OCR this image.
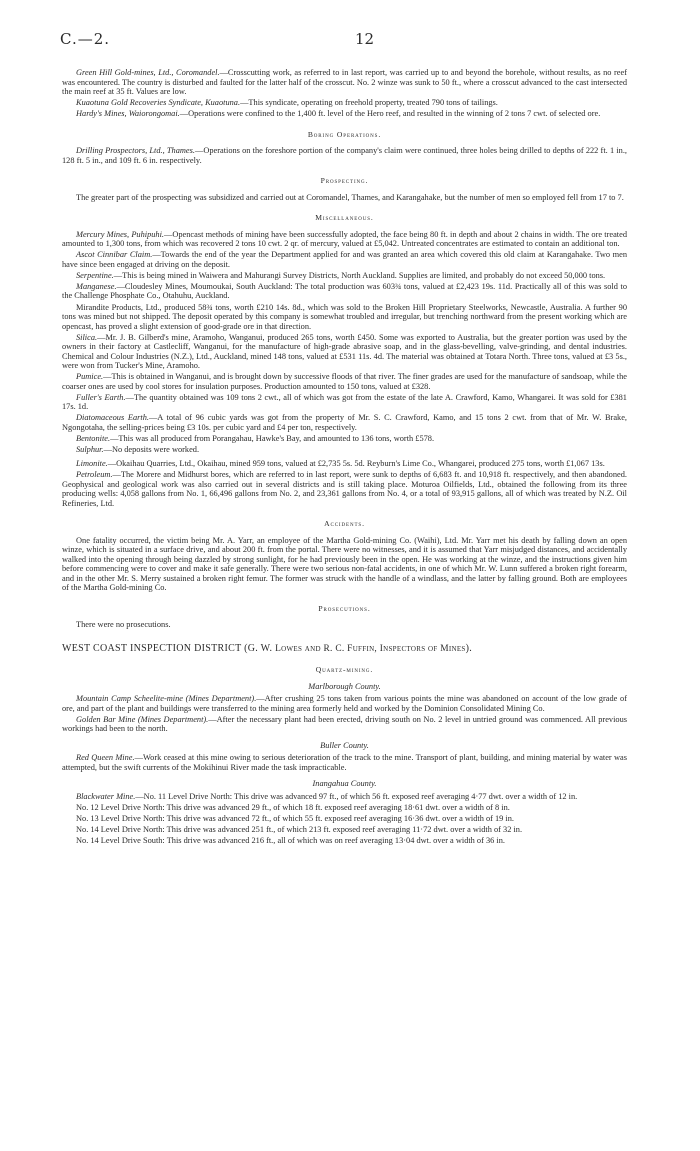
C.—2.	12

Green Hill Gold-mines, Ltd., Coromandel.—Crosscutting work, as referred to in last report, was carried up to and beyond the borehole, without results, as no reef was encountered. The country is disturbed and faulted for the latter half of the crosscut. No. 2 winze was sunk to 50 ft., where a crosscut advanced to the cast intersected the main reef at 35 ft. Values are low.

Kuaotuna Gold Recoveries Syndicate, Kuaotuna.—This syndicate, operating on freehold property, treated 790 tons of tailings.

Hardy's Mines, Waiorongomai.—Operations were confined to the 1,400 ft. level of the Hero reef, and resulted in the winning of 2 tons 7 cwt. of selected ore.

Boring Operations.

Drilling Prospectors, Ltd., Thames.—Operations on the foreshore portion of the company's claim were continued, three holes being drilled to depths of 222 ft. 1 in., 128 ft. 5 in., and 109 ft. 6 in. respectively.

Prospecting.

The greater part of the prospecting was subsidized and carried out at Coromandel, Thames, and Karangahake, but the number of men so employed fell from 17 to 7.

Miscellaneous.

Mercury Mines, Puhipuhi.—Opencast methods of mining have been successfully adopted, the face being 80 ft. in depth and about 2 chains in width. The ore treated amounted to 1,300 tons, from which was recovered 2 tons 10 cwt. 2 qr. of mercury, valued at £5,042. Untreated concentrates are estimated to contain an additional ton.

Ascot Cinnibar Claim.—Towards the end of the year the Department applied for and was granted an area which covered this old claim at Karangahake. Two men have since been engaged at driving on the deposit.

Serpentine.—This is being mined in Waiwera and Mahurangi Survey Districts, North Auckland. Supplies are limited, and probably do not exceed 50,000 tons.

Manganese.—Cloudesley Mines, Moumoukai, South Auckland: The total production was 603¾ tons, valued at £2,423 19s. 11d. Practically all of this was sold to the Challenge Phosphate Co., Otahuhu, Auckland.

Mirandite Products, Ltd., produced 58¾ tons, worth £210 14s. 8d., which was sold to the Broken Hill Proprietary Steelworks, Newcastle, Australia. A further 90 tons was mined but not shipped. The deposit operated by this company is somewhat troubled and irregular, but trenching northward from the present working which are opencast, has proved a slight extension of good-grade ore in that direction.

Silica.—Mr. J. B. Gilberd's mine, Aramoho, Wanganui, produced 265 tons, worth £450. Some was exported to Australia, but the greater portion was used by the owners in their factory at Castlecliff, Wanganui, for the manufacture of high-grade abrasive soap, and in the glass-bevelling, valve-grinding, and dental industries. Chemical and Colour Industries (N.Z.), Ltd., Auckland, mined 148 tons, valued at £531 11s. 4d. The material was obtained at Totara North. Three tons, valued at £3 5s., were won from Tucker's Mine, Aramoho.

Pumice.—This is obtained in Wanganui, and is brought down by successive floods of that river. The finer grades are used for the manufacture of sandsoap, while the coarser ones are used by cool stores for insulation purposes. Production amounted to 150 tons, valued at £328.

Fuller's Earth.—The quantity obtained was 109 tons 2 cwt., all of which was got from the estate of the late A. Crawford, Kamo, Whangarei. It was sold for £381 17s. 1d.

Diatomaceous Earth.—A total of 96 cubic yards was got from the property of Mr. S. C. Crawford, Kamo, and 15 tons 2 cwt. from that of Mr. W. Brake, Ngongotaha, the selling-prices being £3 10s. per cubic yard and £4 per ton, respectively.

Bentonite.—This was all produced from Porangahau, Hawke's Bay, and amounted to 136 tons, worth £578.

Sulphur.—No deposits were worked.

Limonite.—Okaihau Quarries, Ltd., Okaihau, mined 959 tons, valued at £2,735 5s. 5d. Reyburn's Lime Co., Whangarei, produced 275 tons, worth £1,067 13s.

Petroleum.—The Morere and Midhurst bores, which are referred to in last report, were sunk to depths of 6,683 ft. and 10,918 ft. respectively, and then abandoned. Geophysical and geological work was also carried out in several districts and is still taking place. Moturoa Oilfields, Ltd., obtained the following from its three producing wells: 4,058 gallons from No. 1, 66,496 gallons from No. 2, and 23,361 gallons from No. 4, or a total of 93,915 gallons, all of which was treated by N.Z. Oil Refineries, Ltd.

Accidents.

One fatality occurred, the victim being Mr. A. Yarr, an employee of the Martha Gold-mining Co. (Waihi), Ltd. Mr. Yarr met his death by falling down an open winze, which is situated in a surface drive, and about 200 ft. from the portal. There were no witnesses, and it is assumed that Yarr misjudged distances, and accidentally walked into the opening through being dazzled by strong sunlight, for he had previously been in the open. He was working at the winze, and the instructions given him before commencing were to cover and make it safe generally. There were two serious non-fatal accidents, in one of which Mr. W. Lunn suffered a broken right forearm, and in the other Mr. S. Merry sustained a broken right femur. The former was struck with the handle of a windlass, and the latter by falling ground. Both are employees of the Martha Gold-mining Co.

Prosecutions.

There were no prosecutions.

WEST COAST INSPECTION DISTRICT (G. W. Lowes and R. C. Fuffin, Inspectors of Mines).
Quartz-mining.
Marlborough County.

Mountain Camp Scheelite-mine (Mines Department).—After crushing 25 tons taken from various points the mine was abandoned on account of the low grade of ore, and part of the plant and buildings were transferred to the mining area formerly held and worked by the Dominion Consolidated Mining Co.

Golden Bar Mine (Mines Department).—After the necessary plant had been erected, driving south on No. 2 level in untried ground was commenced. All previous workings had been to the north.

Buller County.

Red Queen Mine.—Work ceased at this mine owing to serious deterioration of the track to the mine. Transport of plant, building, and mining material by water was attempted, but the swift currents of the Mokihinui River made the task impracticable.

Inangahua County.

Blackwater Mine.—No. 11 Level Drive North: This drive was advanced 97 ft., of which 56 ft. exposed reef averaging 4·77 dwt. over a width of 12 in.

No. 12 Level Drive North: This drive was advanced 29 ft., of which 18 ft. exposed reef averaging 18·61 dwt. over a width of 8 in.

No. 13 Level Drive North: This drive was advanced 72 ft., of which 55 ft. exposed reef averaging 16·36 dwt. over a width of 19 in.

No. 14 Level Drive North: This drive was advanced 251 ft., of which 213 ft. exposed reef averaging 11·72 dwt. over a width of 32 in.

No. 14 Level Drive South: This drive was advanced 216 ft., all of which was on reef averaging 13·04 dwt. over a width of 36 in.
